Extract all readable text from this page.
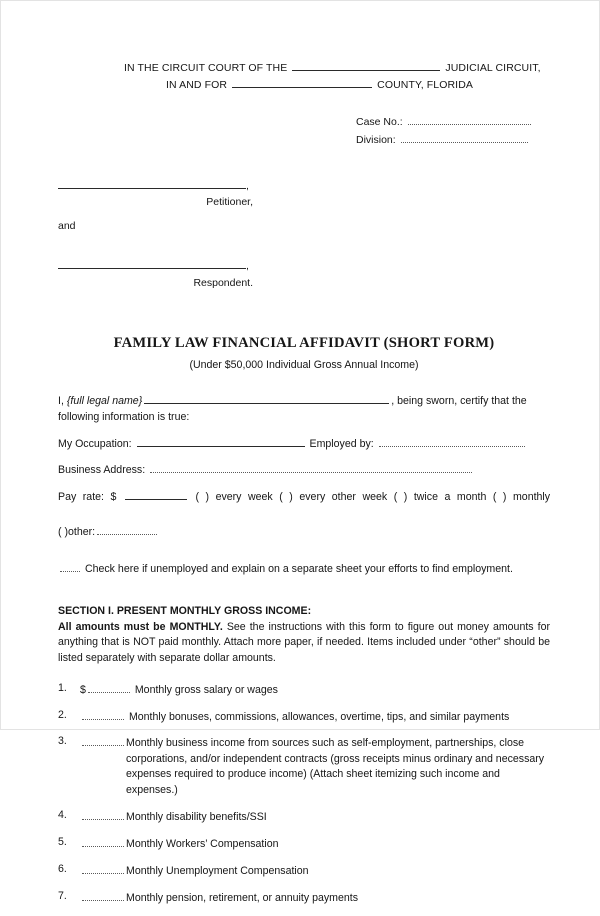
IN THE CIRCUIT COURT OF THE	JUDICIAL CIRCUIT,
IN AND FOR	COUNTY, FLORIDA
Case No.:
Division:
,
Petitioner,
and
,
Respondent.
FAMILY LAW FINANCIAL AFFIDAVIT (SHORT FORM)
(Under $50,000 Individual Gross Annual Income)
I, {full legal name}	, being sworn, certify that the following information is true:
My Occupation:	Employed by:
Business Address:
Pay rate: $	( ) every week ( ) every other week ( ) twice a month ( ) monthly
( )other:
Check here if unemployed and explain on a separate sheet your efforts to find employment.
SECTION I. PRESENT MONTHLY GROSS INCOME:
All amounts must be MONTHLY. See the instructions with this form to figure out money amounts for anything that is NOT paid monthly. Attach more paper, if needed. Items included under “other” should be listed separately with separate dollar amounts.
1.	$	Monthly gross salary or wages
2.	Monthly bonuses, commissions, allowances, overtime, tips, and similar payments
3.	Monthly business income from sources such as self-employment, partnerships, close
corporations, and/or independent contracts (gross receipts minus ordinary and necessary
expenses required to produce income) (Attach sheet itemizing such income and expenses.)
4.	Monthly disability benefits/SSI
5.	Monthly Workers’ Compensation
6.	Monthly Unemployment Compensation
7.	Monthly pension, retirement, or annuity payments
